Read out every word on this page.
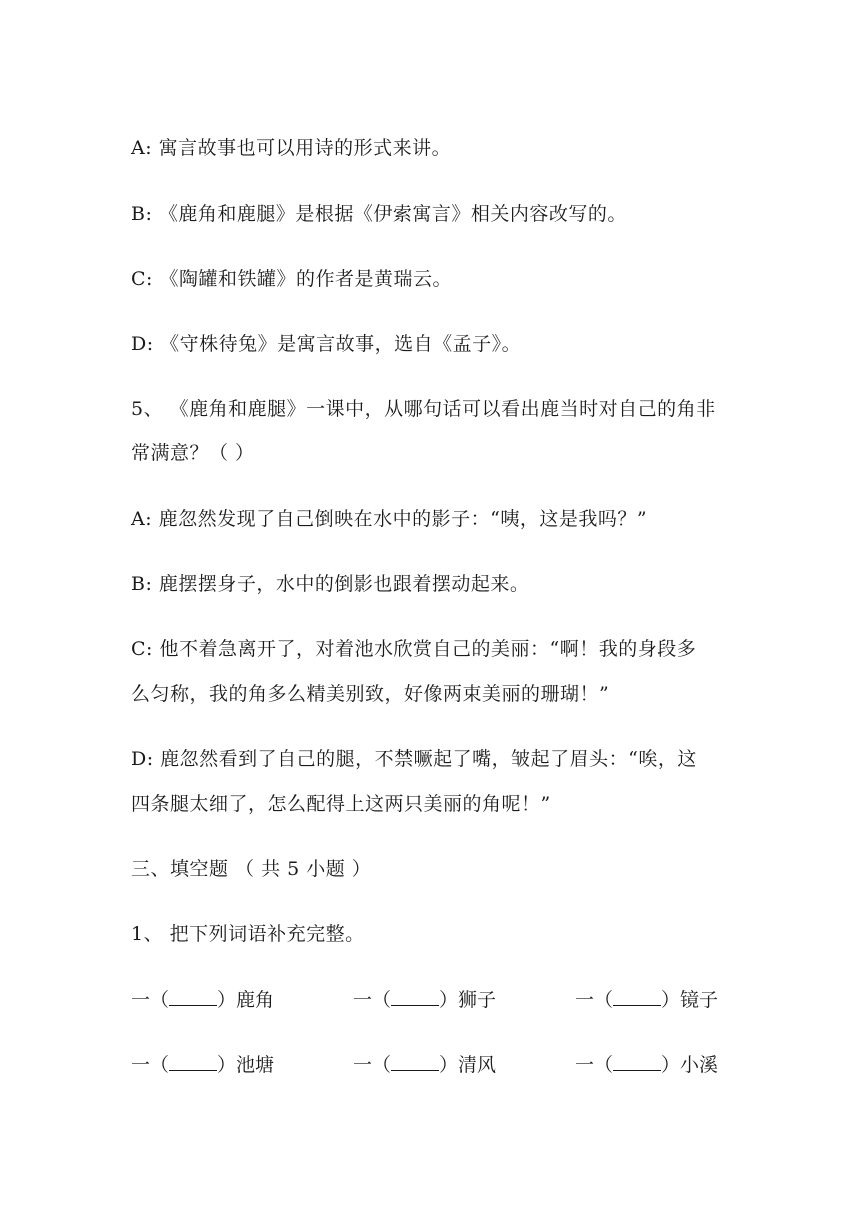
A: 寓言故事也可以用诗的形式来讲。
B: 《鹿角和鹿腿》是根据《伊索寓言》相关内容改写的。
C: 《陶罐和铁罐》的作者是黄瑞云。
D: 《守株待兔》是寓言故事，选自《孟子》。
5、 《鹿角和鹿腿》一课中，从哪句话可以看出鹿当时对自己的角非
常满意？（ ）
A: 鹿忽然发现了自己倒映在水中的影子：“咦，这是我吗？”
B: 鹿摆摆身子，水中的倒影也跟着摆动起来。
C: 他不着急离开了，对着池水欣赏自己的美丽：“啊！我的身段多
么匀称，我的角多么精美别致，好像两束美丽的珊瑚！”
D: 鹿忽然看到了自己的腿，不禁噘起了嘴，皱起了眉头：“唉，这
四条腿太细了，怎么配得上这两只美丽的角呢！”
三、填空题 （ 共 5 小题 ）
1、 把下列词语补充完整。
一（	）鹿角	一（	）狮子	一（	）镜子
一（	）池塘	一（	）清风	一（	）小溪
